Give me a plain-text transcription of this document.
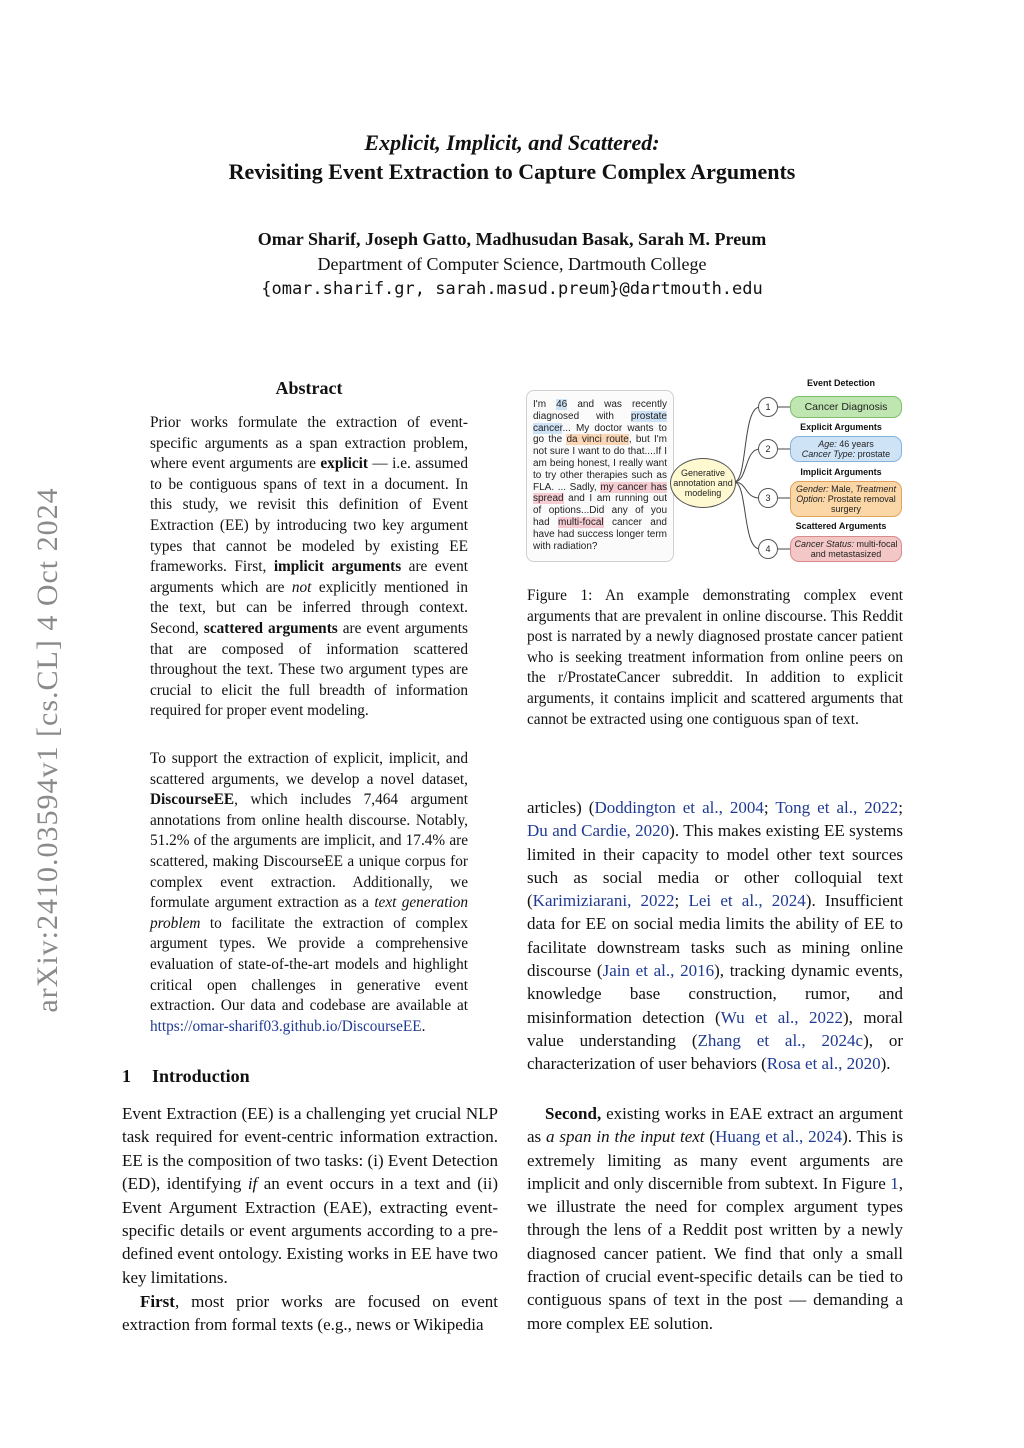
Explicit, Implicit, and Scattered:
Revisiting Event Extraction to Capture Complex Arguments
Omar Sharif, Joseph Gatto, Madhusudan Basak, Sarah M. Preum
Department of Computer Science, Dartmouth College
{omar.sharif.gr, sarah.masud.preum}@dartmouth.edu
arXiv:2410.03594v1 [cs.CL] 4 Oct 2024
Abstract
Prior works formulate the extraction of event-specific arguments as a span extraction problem, where event arguments are explicit — i.e. assumed to be contiguous spans of text in a document. In this study, we revisit this definition of Event Extraction (EE) by introducing two key argument types that cannot be modeled by existing EE frameworks. First, implicit arguments are event arguments which are not explicitly mentioned in the text, but can be inferred through context. Second, scattered arguments are event arguments that are composed of information scattered throughout the text. These two argument types are crucial to elicit the full breadth of information required for proper event modeling.
To support the extraction of explicit, implicit, and scattered arguments, we develop a novel dataset, DiscourseEE, which includes 7,464 argument annotations from online health discourse. Notably, 51.2% of the arguments are implicit, and 17.4% are scattered, making DiscourseEE a unique corpus for complex event extraction. Additionally, we formulate argument extraction as a text generation problem to facilitate the extraction of complex argument types. We provide a comprehensive evaluation of state-of-the-art models and highlight critical open challenges in generative event extraction. Our data and codebase are available at https://omar-sharif03.github.io/DiscourseEE.
1 Introduction
Event Extraction (EE) is a challenging yet crucial NLP task required for event-centric information extraction. EE is the composition of two tasks: (i) Event Detection (ED), identifying if an event occurs in a text and (ii) Event Argument Extraction (EAE), extracting event-specific details or event arguments according to a pre-defined event ontology. Existing works in EE have two key limitations.
First, most prior works are focused on event extraction from formal texts (e.g., news or Wikipedia
articles) (Doddington et al., 2004; Tong et al., 2022; Du and Cardie, 2020). This makes existing EE systems limited in their capacity to model other text sources such as social media or other colloquial text (Karimiziarani, 2022; Lei et al., 2024). Insufficient data for EE on social media limits the ability of EE to facilitate downstream tasks such as mining online discourse (Jain et al., 2016), tracking dynamic events, knowledge base construction, rumor, and misinformation detection (Wu et al., 2022), moral value understanding (Zhang et al., 2024c), or characterization of user behaviors (Rosa et al., 2020).
Second, existing works in EAE extract an argument as a span in the input text (Huang et al., 2024). This is extremely limiting as many event arguments are implicit and only discernible from subtext. In Figure 1, we illustrate the need for complex argument types through the lens of a Reddit post written by a newly diagnosed cancer patient. We find that only a small fraction of crucial event-specific details can be tied to contiguous spans of text in the post — demanding a more complex EE solution.
I'm 46 and was recently diagnosed with prostate cancer... My doctor wants to go the da vinci route, but I'm not sure I want to do that....If I am being honest, I really want to try other therapies such as FLA. ... Sadly, my cancer has spread and I am running out of options...Did any of you had multi-focal cancer and have had success longer term with radiation?
Generative annotation and modeling
Event Detection
Explicit Arguments
Implicit Arguments
Scattered Arguments
1
2
3
4
Cancer Diagnosis
Age: 46 years
Cancer Type: prostate
Gender: Male, Treatment Option: Prostate removal surgery
Cancer Status: multi-focal and metastasized
Figure 1: An example demonstrating complex event arguments that are prevalent in online discourse. This Reddit post is narrated by a newly diagnosed prostate cancer patient who is seeking treatment information from online peers on the r/ProstateCancer subreddit. In addition to explicit arguments, it contains implicit and scattered arguments that cannot be extracted using one contiguous span of text.
